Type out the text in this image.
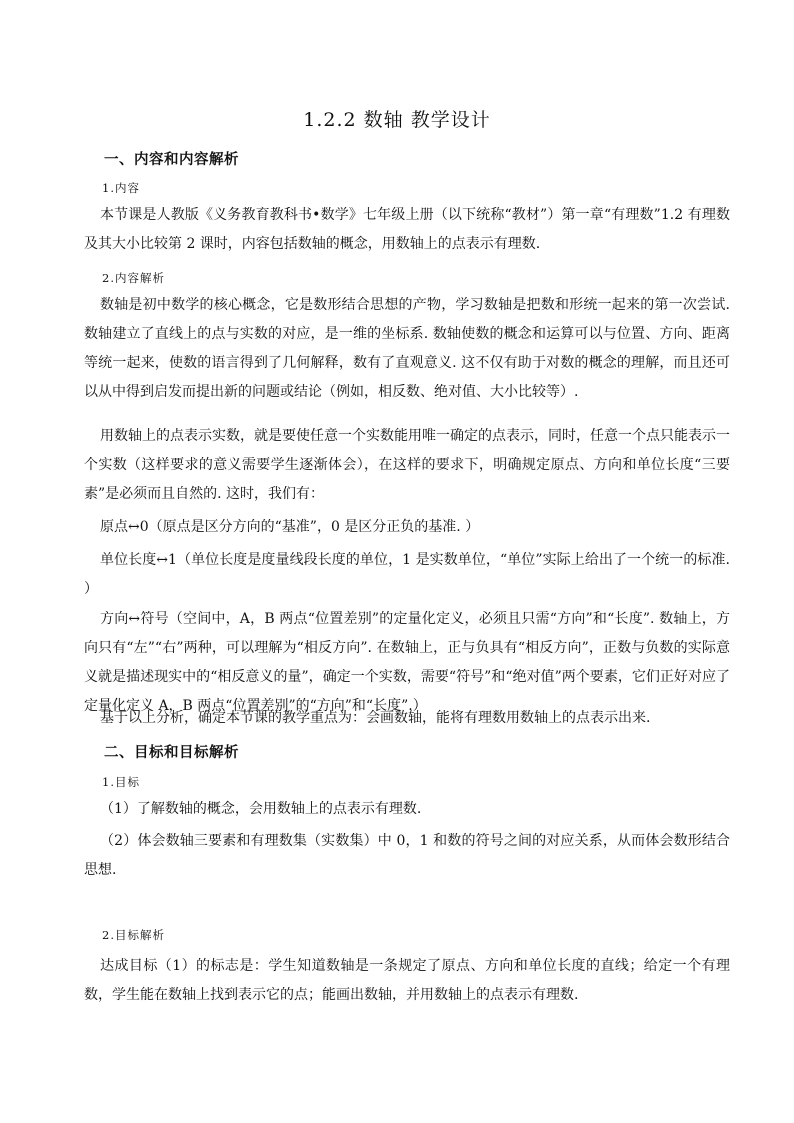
1.2.2 数轴 教学设计
一、内容和内容解析
1.内容

本节课是人教版《义务教育教科书•数学》七年级上册（以下统称“教材”）第一章“有理数”1.2 有理数及其大小比较第 2 课时，内容包括数轴的概念，用数轴上的点表示有理数.

2.内容解析

数轴是初中数学的核心概念，它是数形结合思想的产物，学习数轴是把数和形统一起来的第一次尝试. 数轴建立了直线上的点与实数的对应，是一维的坐标系. 数轴使数的概念和运算可以与位置、方向、距离等统一起来，使数的语言得到了几何解释，数有了直观意义. 这不仅有助于对数的概念的理解，而且还可以从中得到启发而提出新的问题或结论（例如，相反数、绝对值、大小比较等）.

用数轴上的点表示实数，就是要使任意一个实数能用唯一确定的点表示，同时，任意一个点只能表示一个实数（这样要求的意义需要学生逐渐体会），在这样的要求下，明确规定原点、方向和单位长度“三要素”是必须而且自然的. 这时，我们有：

原点↔0（原点是区分方向的“基准”，0 是区分正负的基准. ）

单位长度↔1（单位长度是度量线段长度的单位，1 是实数单位，“单位”实际上给出了一个统一的标准. ）

方向↔符号（空间中，A，B 两点“位置差别”的定量化定义，必须且只需“方向”和“长度”. 数轴上，方向只有“左”“右”两种，可以理解为“相反方向”. 在数轴上，正与负具有“相反方向”，正数与负数的实际意义就是描述现实中的“相反意义的量”，确定一个实数，需要“符号”和“绝对值”两个要素，它们正好对应了定量化定义 A，B 两点“位置差别”的“方向”和“长度”.）

基于以上分析，确定本节课的教学重点为：会画数轴，能将有理数用数轴上的点表示出来.

二、目标和目标解析
1.目标

（1）了解数轴的概念，会用数轴上的点表示有理数.

（2）体会数轴三要素和有理数集（实数集）中 0，1 和数的符号之间的对应关系，从而体会数形结合思想.

2.目标解析

达成目标（1）的标志是：学生知道数轴是一条规定了原点、方向和单位长度的直线；给定一个有理数，学生能在数轴上找到表示它的点；能画出数轴，并用数轴上的点表示有理数.
